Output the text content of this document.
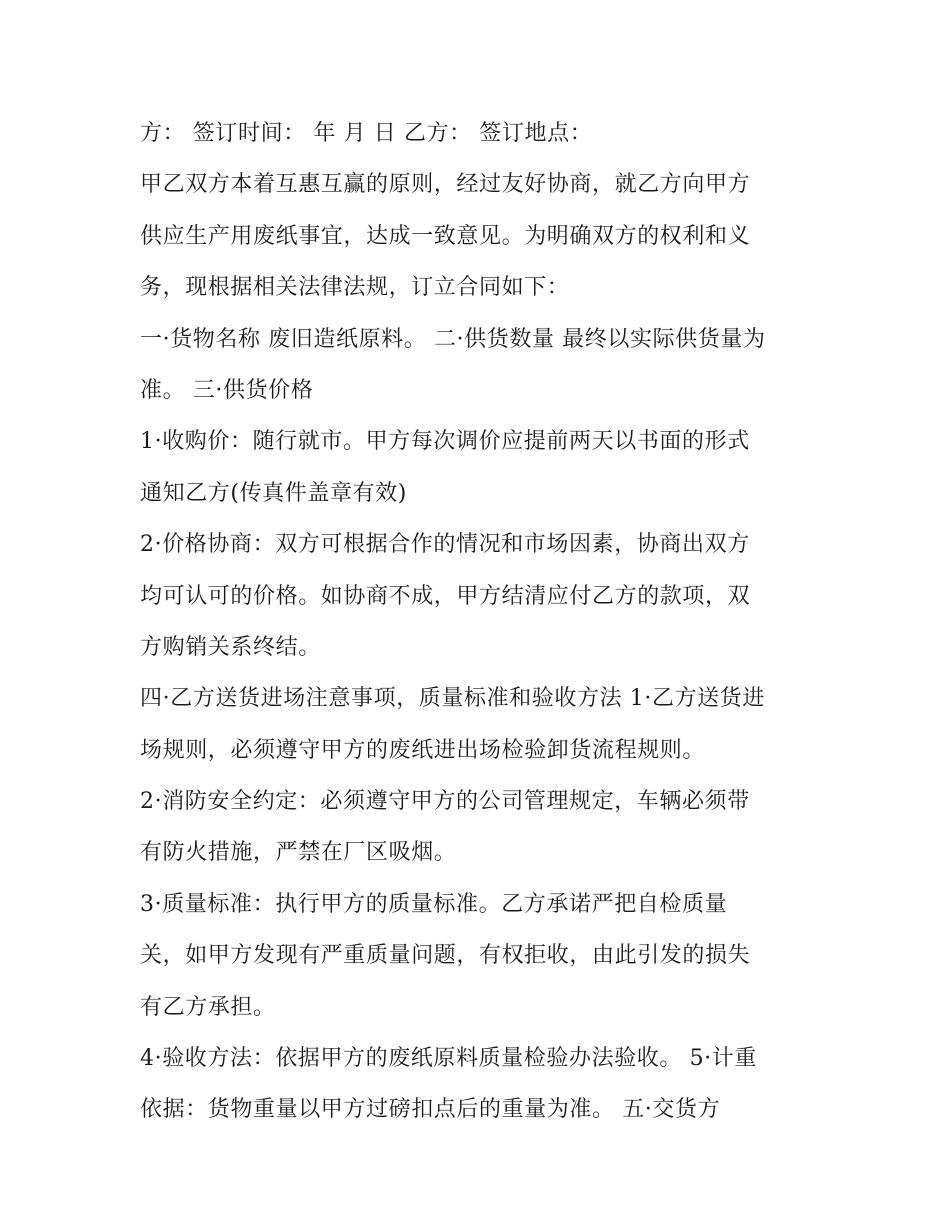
方： 签订时间： 年 月 日 乙方： 签订地点：
甲乙双方本着互惠互赢的原则，经过友好协商，就乙方向甲方
供应生产用废纸事宜，达成一致意见。为明确双方的权利和义
务，现根据相关法律法规，订立合同如下：
一·货物名称 废旧造纸原料。 二·供货数量 最终以实际供货量为
准。 三·供货价格
1·收购价：随行就市。甲方每次调价应提前两天以书面的形式
通知乙方(传真件盖章有效)
2·价格协商：双方可根据合作的情况和市场因素，协商出双方
均可认可的价格。如协商不成，甲方结清应付乙方的款项，双
方购销关系终结。
四·乙方送货进场注意事项，质量标准和验收方法 1·乙方送货进
场规则，必须遵守甲方的废纸进出场检验卸货流程规则。
2·消防安全约定：必须遵守甲方的公司管理规定，车辆必须带
有防火措施，严禁在厂区吸烟。
3·质量标准：执行甲方的质量标准。乙方承诺严把自检质量
关，如甲方发现有严重质量问题，有权拒收，由此引发的损失
有乙方承担。
4·验收方法：依据甲方的废纸原料质量检验办法验收。 5·计重
依据：货物重量以甲方过磅扣点后的重量为准。 五·交货方
